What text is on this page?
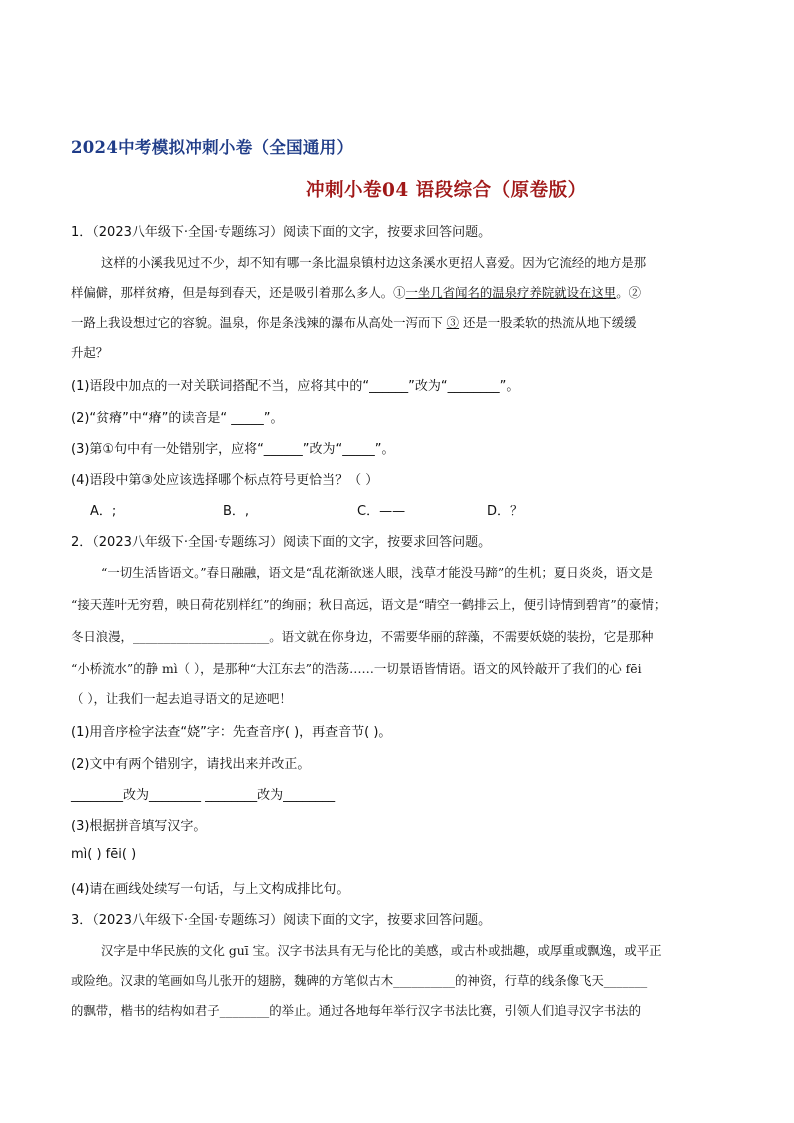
2024中考模拟冲刺小卷（全国通用）
冲刺小卷04 语段综合（原卷版）
1．（2023八年级下·全国·专题练习）阅读下面的文字，按要求回答问题。
这样的小溪我见过不少，却不知有哪一条比温泉镇村边这条溪水更招人喜爱。因为它流经的地方是那
样偏僻，那样贫瘠，但是每到春天，还是吸引着那么多人。①一坐几省闻名的温泉疗养院就设在这里。②
一路上我设想过它的容貌。温泉，你是条浅辣的瀑布从高处一泻而下 ③ 还是一股柔软的热流从地下缓缓
升起？
(1)语段中加点的一对关联词搭配不当，应将其中的“______”改为“________”。
(2)“贫瘠”中“瘠”的读音是“ _____”。
(3)第①句中有一处错别字，应将“______”改为“_____”。
(4)语段中第③处应该选择哪个标点符号更恰当？（ ）
A．;	B．,	C．——	D．？
2．（2023八年级下·全国·专题练习）阅读下面的文字，按要求回答问题。
“一切生活皆语文。”春日融融，语文是“乱花渐欲迷人眼，浅草才能没马蹄”的生机；夏日炎炎，语文是
“接天莲叶无穷碧，映日荷花别样红”的绚丽；秋日高远，语文是“晴空一鹤排云上，便引诗情到碧宵”的豪情；
冬日浪漫，______________________。语文就在你身边，不需要华丽的辞藻，不需要妖娆的装扮，它是那种
“小桥流水”的静 mì（ ），是那种“大江东去”的浩荡……一切景语皆情语。语文的风铃敲开了我们的心 fēi
（ ），让我们一起去追寻语文的足迹吧！
(1)用音序检字法查“娆”字：先查音序( )，再查音节( )。
(2)文中有两个错别字，请找出来并改正。
________改为________ ________改为________
(3)根据拼音填写汉字。
mì( ) fēi( )
(4)请在画线处续写一句话，与上文构成排比句。
3．（2023八年级下·全国·专题练习）阅读下面的文字，按要求回答问题。
汉字是中华民族的文化 guī 宝。汉字书法具有无与伦比的美感，或古朴或拙趣，或厚重或飘逸，或平正
或险绝。汉隶的笔画如鸟儿张开的翅膀，魏碑的方笔似古木__________的神资，行草的线条像飞天_______
的飘带，楷书的结构如君子________的举止。通过各地每年举行汉字书法比赛，引领人们追寻汉字书法的
